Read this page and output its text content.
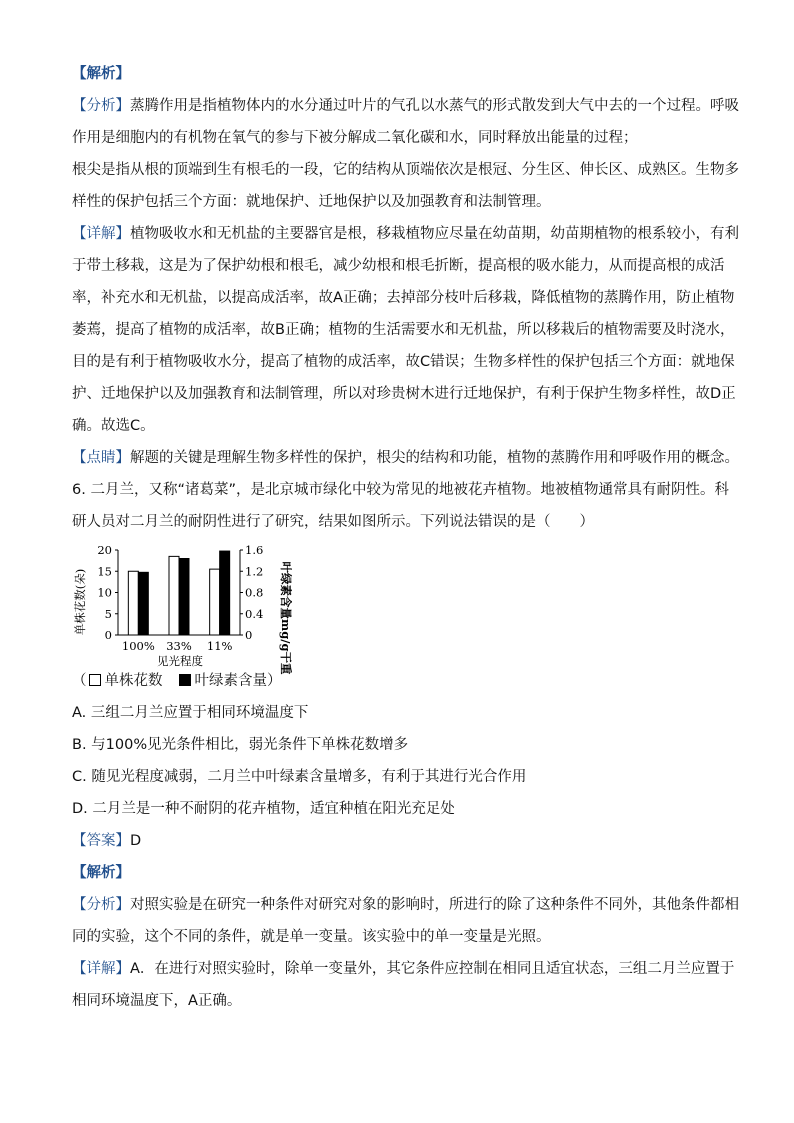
【解析】
【分析】蒸腾作用是指植物体内的水分通过叶片的气孔以水蒸气的形式散发到大气中去的一个过程。呼吸
作用是细胞内的有机物在氧气的参与下被分解成二氧化碳和水，同时释放出能量的过程；
根尖是指从根的顶端到生有根毛的一段，它的结构从顶端依次是根冠、分生区、伸长区、成熟区。生物多
样性的保护包括三个方面：就地保护、迁地保护以及加强教育和法制管理。
【详解】植物吸收水和无机盐的主要器官是根，移栽植物应尽量在幼苗期，幼苗期植物的根系较小，有利
于带土移栽，这是为了保护幼根和根毛，减少幼根和根毛折断，提高根的吸水能力，从而提高根的成活
率，补充水和无机盐，以提高成活率，故A正确；去掉部分枝叶后移栽，降低植物的蒸腾作用，防止植物
萎蔫，提高了植物的成活率，故B正确；植物的生活需要水和无机盐，所以移栽后的植物需要及时浇水，
目的是有利于植物吸收水分，提高了植物的成活率，故C错误；生物多样性的保护包括三个方面：就地保
护、迁地保护以及加强教育和法制管理，所以对珍贵树木进行迁地保护，有利于保护生物多样性，故D正
确。故选C。
【点睛】解题的关键是理解生物多样性的保护，根尖的结构和功能，植物的蒸腾作用和呼吸作用的概念。
6. 二月兰，又称“诸葛菜”，是北京城市绿化中较为常见的地被花卉植物。地被植物通常具有耐阴性。科
研人员对二月兰的耐阴性进行了研究，结果如图所示。下列说法错误的是（　　）
单株花数(朵)	叶绿素含量mg/g干重
20
15
10
5
0
1.6
1.2
0.8
0.4
0
100% 33% 11%
见光程度
（ 单株花数 叶绿素含量）
A. 三组二月兰应置于相同环境温度下
B. 与100%见光条件相比，弱光条件下单株花数增多
C. 随见光程度减弱，二月兰中叶绿素含量增多，有利于其进行光合作用
D. 二月兰是一种不耐阴的花卉植物，适宜种植在阳光充足处
【答案】D
【解析】
【分析】对照实验是在研究一种条件对研究对象的影响时，所进行的除了这种条件不同外，其他条件都相
同的实验，这个不同的条件，就是单一变量。该实验中的单一变量是光照。
【详解】A．在进行对照实验时，除单一变量外，其它条件应控制在相同且适宜状态，三组二月兰应置于
相同环境温度下，A正确。
